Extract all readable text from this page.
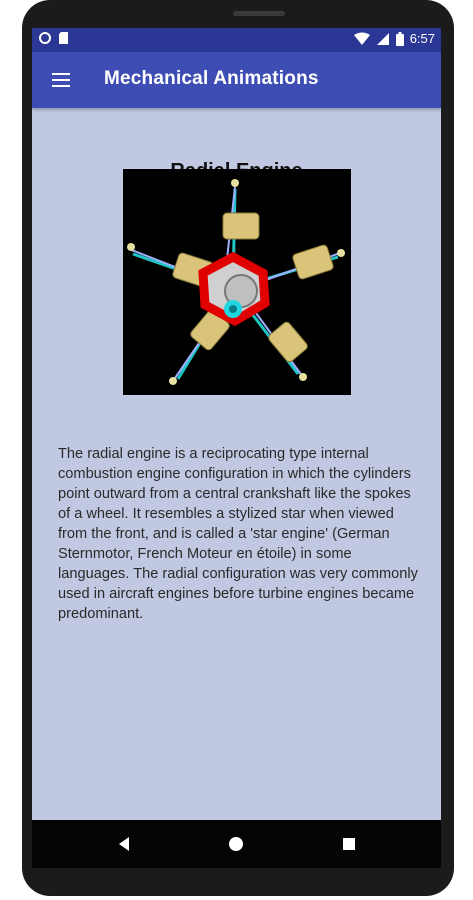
6:57
Mechanical Animations

The radial engine is a reciprocating type internal combustion engine configuration in which the cylinders point outward from a central crankshaft like the spokes of a wheel. It resembles a stylized star when viewed from the front, and is called a 'star engine' (German Sternmotor, French Moteur en étoile) in some languages. The radial configuration was very commonly used in aircraft engines before turbine engines became predominant.
